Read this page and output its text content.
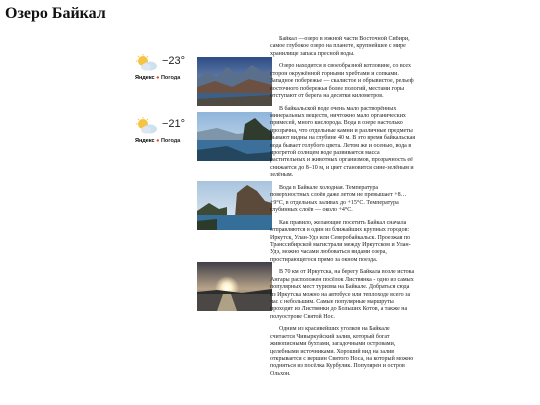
Озеро Байкал
−23°
Яндекс ● Погода
−21°
Яндекс ● Погода

Байкал —озеро в южной части Восточной Сибири, самое глубокое озеро на планете, крупнейшее с мире хранилище запаса пресной воды.

Озеро находится в своеобразной котловине, со всех сторон окружённой горными хребтами и сопками. Западное побережье — скалистое и обрывистое, рельеф восточного побережья более пологий, местами горы отступают от берега на десятки километров.

В байкальской воде очень мало растворённых минеральных веществ, ничтожно мало органических примесей, много кислорода. Вода в озере настолько прозрачна, что отдельные камни и различные предметы бывают видны на глубине 40 м. В это время байкальская вода бывает голубого цвета. Летом же и осенью, вода в прогретой солнцем воде развивается масса растительных и животных организмов, прозрачность её снижается до 8–10 м, и цвет становится сине-зелёным и зелёным.

Вода в Байкале холодная. Температура поверхностных слоёв даже летом не превышает +8…+9°С, в отдельных заливах до +15°С. Температура глубинных слоёв — около +4°С.

Как правило, желающие посетить Байкал сначала отправляются в один из ближайших крупных городов: Иркутск, Улан-Удэ или Северобайкальск. Проезжая по Транссибирской магистрали между Иркутском и Улан-Удэ, можно часами любоваться видами озера, простирающегося прямо за окном поезда.

В 70 км от Иркутска, на берегу Байкала возле истока Ангары расположен посёлок Листвянка - одно из самых популярных мест туризма на Байкале. Добраться сюда из Иркутска можно на автобусе или теплоходе всего за час с небольшим. Самые популярные маршруты проходят из Листвянки до Больших Котов, а также на полуострове Святой Нос.

Одним из красивейших уголков на Байкале считается Чивыркуйский залив, который богат живописными бухтами, загадочными островами, целебными источниками. Хороший вид на залив открывается с вершин Святого Носа, на который можно подняться из посёлка Курбулик. Популярен и остров Ольхон.
